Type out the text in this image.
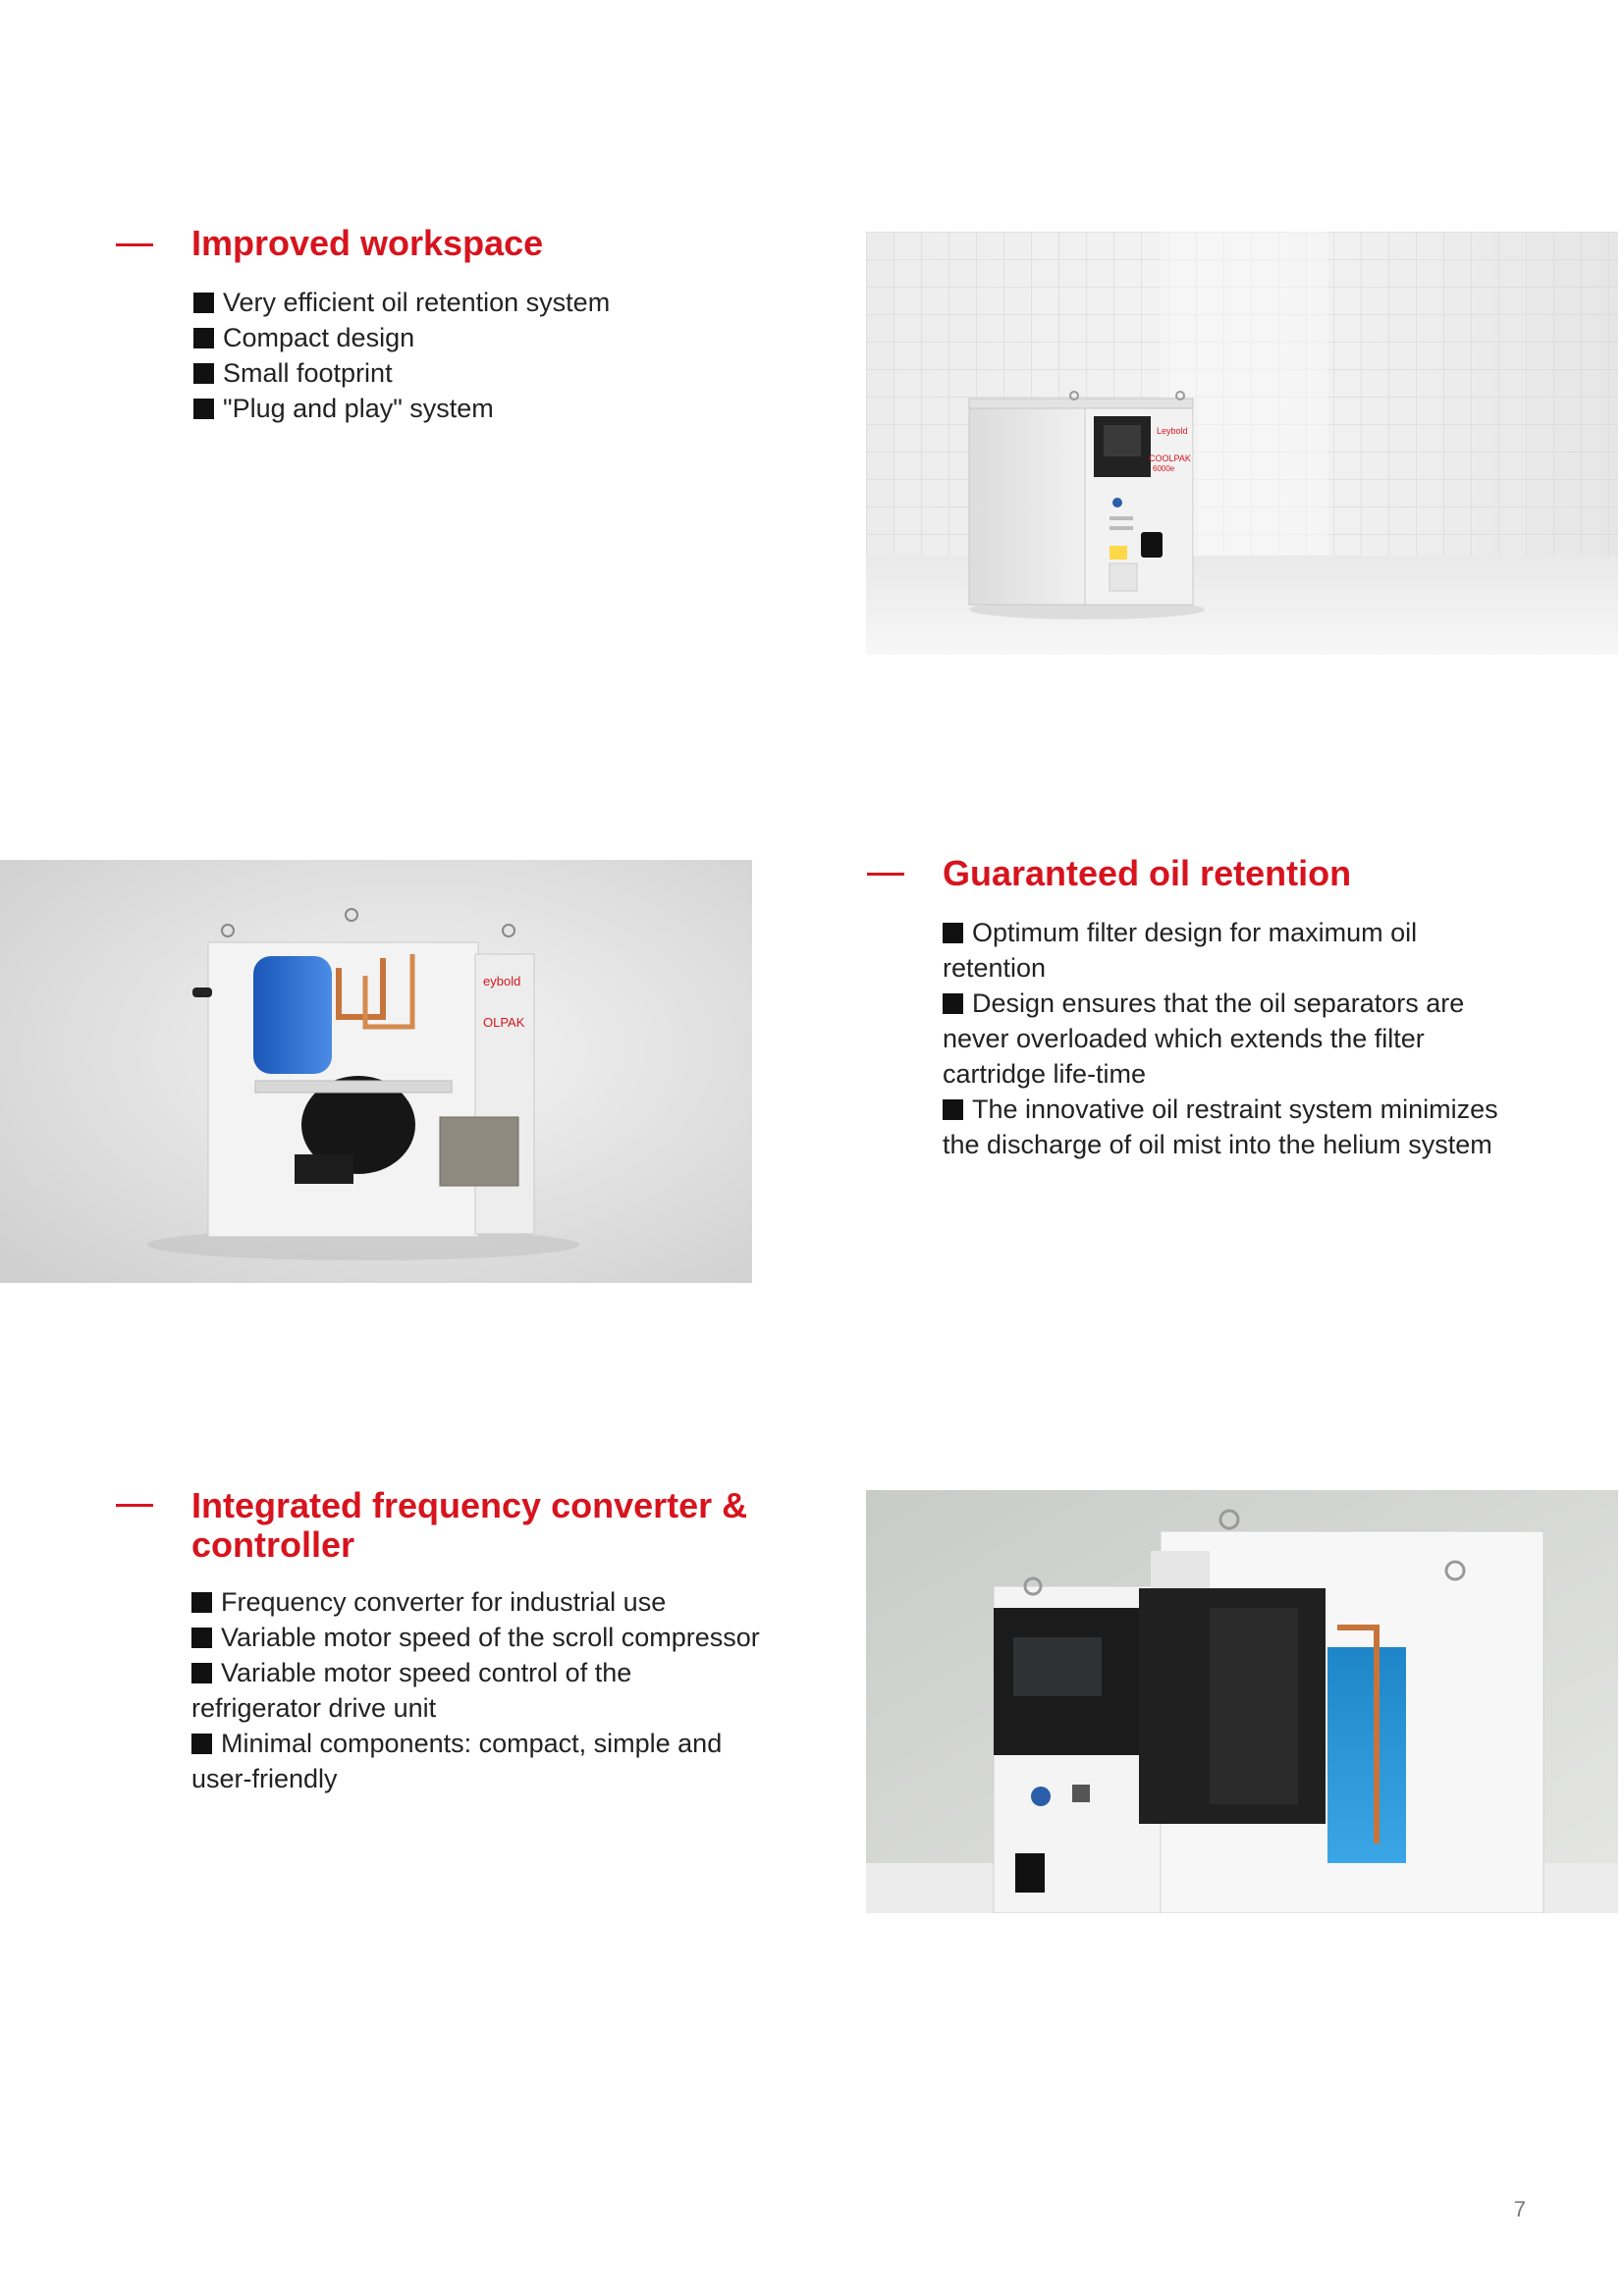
Improved workspace
Very efficient oil retention system
Compact design
Small footprint
"Plug and play" system
Leybold
COOLPAK
6000e
eybold
OLPAK
Guaranteed oil retention
Optimum filter design for maximum oil retention
Design ensures that the oil separators are never overloaded which extends the filter cartridge life-time
The innovative oil restraint system minimizes the discharge of oil mist into the helium system
Integrated frequency converter & controller
Frequency converter for industrial use
Variable motor speed of the scroll compressor
Variable motor speed control of the refrigerator drive unit
Minimal components: compact, simple and user-friendly
7
